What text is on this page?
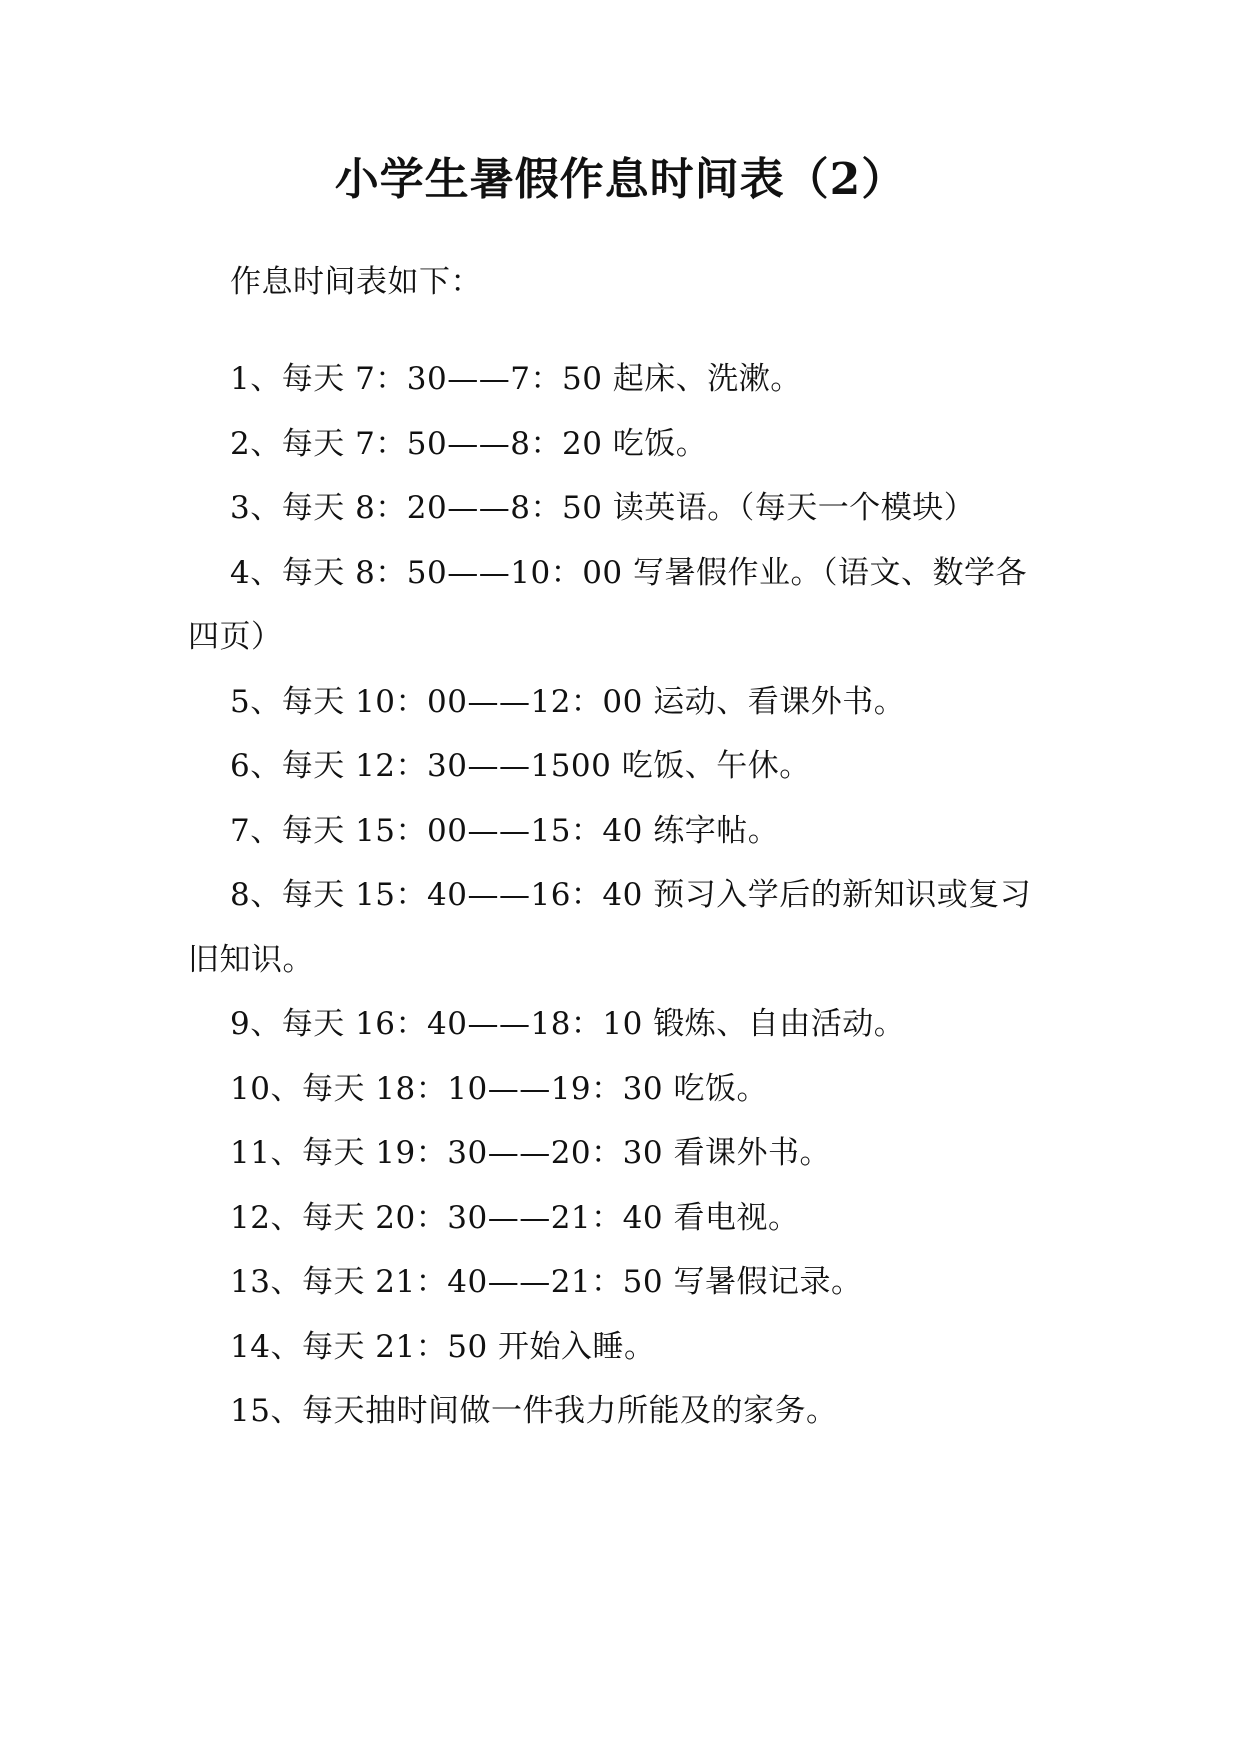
小学生暑假作息时间表（2）

作息时间表如下：

1、每天 7：30——7：50 起床、洗漱。
2、每天 7：50——8：20 吃饭。
3、每天 8：20——8：50 读英语。（每天一个模块）
4、每天 8：50——10：00 写暑假作业。（语文、数学各四页）
5、每天 10：00——12：00 运动、看课外书。
6、每天 12：30——1500 吃饭、午休。
7、每天 15：00——15：40 练字帖。
8、每天 15：40——16：40 预习入学后的新知识或复习旧知识。
9、每天 16：40——18：10 锻炼、自由活动。
10、每天 18：10——19：30 吃饭。
11、每天 19：30——20：30 看课外书。
12、每天 20：30——21：40 看电视。
13、每天 21：40——21：50 写暑假记录。
14、每天 21：50 开始入睡。
15、每天抽时间做一件我力所能及的家务。
